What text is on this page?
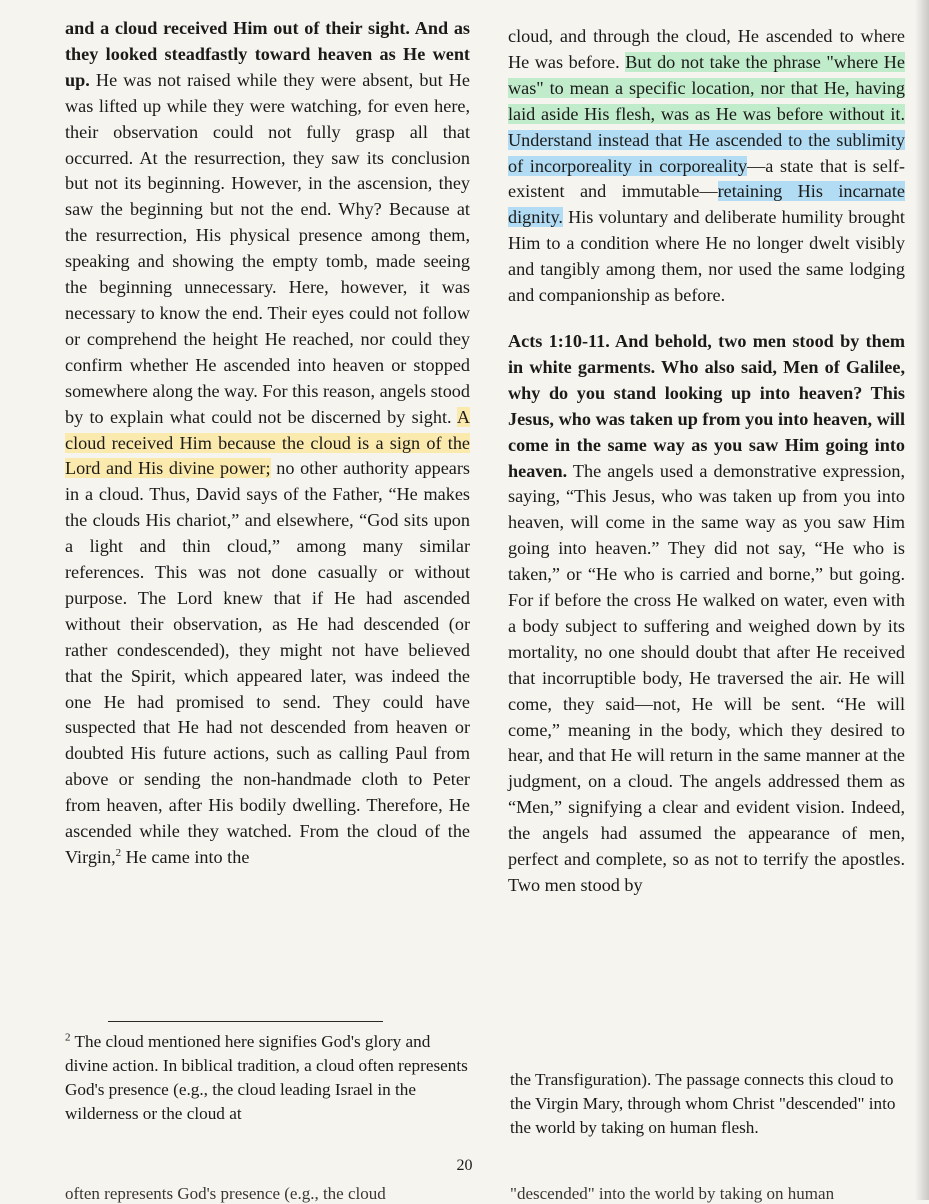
and a cloud received Him out of their sight. And as they looked steadfastly toward heaven as He went up. He was not raised while they were absent, but He was lifted up while they were watching, for even here, their observation could not fully grasp all that occurred. At the resurrection, they saw its conclusion but not its beginning. However, in the ascension, they saw the beginning but not the end. Why? Because at the resurrection, His physical presence among them, speaking and showing the empty tomb, made seeing the beginning unnecessary. Here, however, it was necessary to know the end. Their eyes could not follow or comprehend the height He reached, nor could they confirm whether He ascended into heaven or stopped somewhere along the way. For this reason, angels stood by to explain what could not be discerned by sight. A cloud received Him because the cloud is a sign of the Lord and His divine power; no other authority appears in a cloud. Thus, David says of the Father, “He makes the clouds His chariot,” and elsewhere, “God sits upon a light and thin cloud,” among many similar references. This was not done casually or without purpose. The Lord knew that if He had ascended without their observation, as He had descended (or rather condescended), they might not have believed that the Spirit, which appeared later, was indeed the one He had promised to send. They could have suspected that He had not descended from heaven or doubted His future actions, such as calling Paul from above or sending the non-handmade cloth to Peter from heaven, after His bodily dwelling. Therefore, He ascended while they watched. From the cloud of the Virgin,$^2$ He came into the

cloud, and through the cloud, He ascended to where He was before. But do not take the phrase "where He was" to mean a specific location, nor that He, having laid aside His flesh, was as He was before without it. Understand instead that He ascended to the sublimity of incorporeality in corporeality—a state that is self-existent and immutable—retaining His incarnate dignity. His voluntary and deliberate humility brought Him to a condition where He no longer dwelt visibly and tangibly among them, nor used the same lodging and companionship as before.

Acts 1:10-11. And behold, two men stood by them in white garments. Who also said, Men of Galilee, why do you stand looking up into heaven? This Jesus, who was taken up from you into heaven, will come in the same way as you saw Him going into heaven. The angels used a demonstrative expression, saying, “This Jesus, who was taken up from you into heaven, will come in the same way as you saw Him going into heaven.” They did not say, “He who is taken,” or “He who is carried and borne,” but going. For if before the cross He walked on water, even with a body subject to suffering and weighed down by its mortality, no one should doubt that after He received that incorruptible body, He traversed the air. He will come, they said—not, He will be sent. “He will come,” meaning in the body, which they desired to hear, and that He will return in the same manner at the judgment, on a cloud. The angels addressed them as “Men,” signifying a clear and evident vision. Indeed, the angels had assumed the appearance of men, perfect and complete, so as not to terrify the apostles. Two men stood by

$^2$ The cloud mentioned here signifies God's glory and divine action. In biblical tradition, a cloud often represents God's presence (e.g., the cloud leading Israel in the wilderness or the cloud at

the Transfiguration). The passage connects this cloud to the Virgin Mary, through whom Christ "descended" into the world by taking on human flesh.

20
often represents God's presence (e.g., the cloud	"descended" into the world by taking on human
